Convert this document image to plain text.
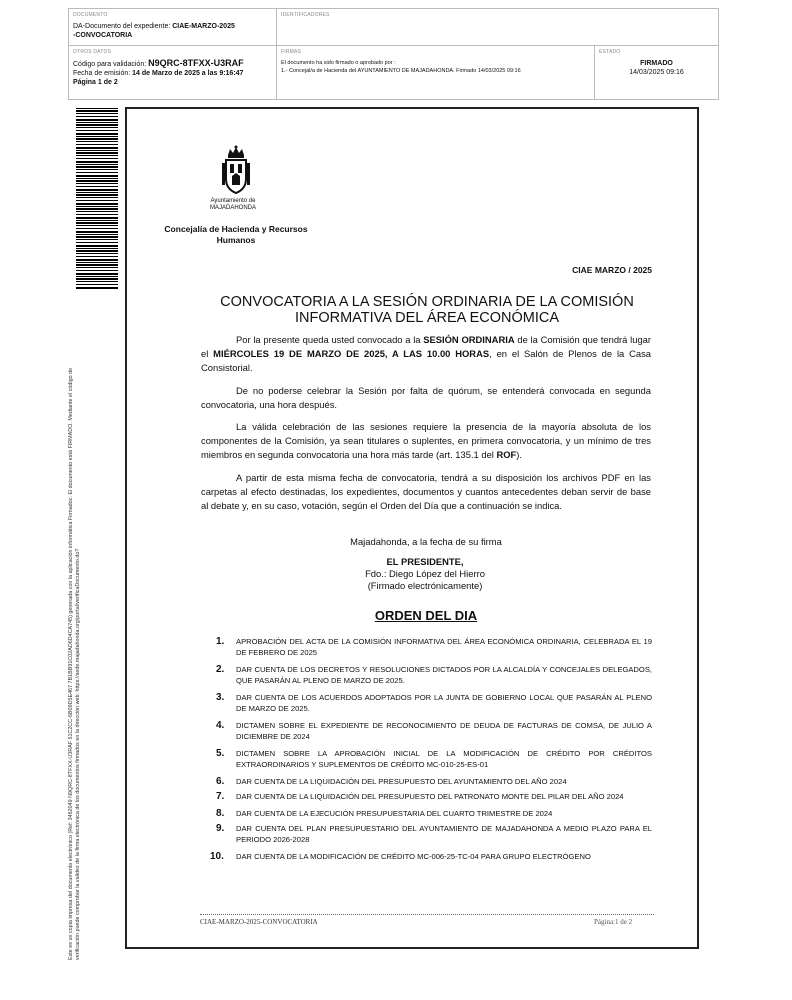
DOCUMENTO
DA-Documento del expediente: CIAE-MARZO-2025
-CONVOCATORIA
IDENTIFICADORES
OTROS DATOS
Código para validación: N9QRC-8TFXX-U3RAF
Fecha de emisión: 14 de Marzo de 2025 a las 9:16:47
Página 1 de 2
FIRMAS
El documento ha sido firmado o aprobado por :
1.- Concejal/a de Hacienda del AYUNTAMIENTO DE MAJADAHONDA. Firmado 14/03/2025 09:16
ESTADO
FIRMADO
14/03/2025 09:16
Este es un copia impresa del documento electrónico (Ref: 3462049 N9QRC-8TFXX-U3RAF 51C2CC-6B09D5E467 7B1BB91C02AD6D4CA745) generada con la aplicación informática Firmadoc. El documento está FIRMADO. Mediante el código de verificación puede comprobar la validez de la firma electrónica de los documentos firmados en la dirección web: https://sede.majadahonda.org/portal/verificaDocumento.do?
Ayuntamiento de
MAJADAHONDA
Concejalía de Hacienda y Recursos Humanos
CIAE MARZO / 2025
CONVOCATORIA A LA SESIÓN ORDINARIA DE LA COMISIÓN INFORMATIVA DEL ÁREA ECONÓMICA

Por la presente queda usted convocado a la SESIÓN ORDINARIA de la Comisión que tendrá lugar el MIÉRCOLES 19 DE MARZO DE 2025, A LAS 10.00 HORAS, en el Salón de Plenos de la Casa Consistorial.

De no poderse celebrar la Sesión por falta de quórum, se entenderá convocada en segunda convocatoria, una hora después.

La válida celebración de las sesiones requiere la presencia de la mayoría absoluta de los componentes de la Comisión, ya sean titulares o suplentes, en primera convocatoria, y un mínimo de tres miembros en segunda convocatoria una hora más tarde (art. 135.1 del ROF).

A partir de esta misma fecha de convocatoria, tendrá a su disposición los archivos PDF en las carpetas al efecto destinadas, los expedientes, documentos y cuantos antecedentes deban servir de base al debate y, en su caso, votación, según el Orden del Día que a continuación se indica.

Majadahonda, a la fecha de su firma
EL PRESIDENTE,
Fdo.: Diego López del Hierro
(Firmado electrónicamente)
ORDEN DEL DIA
1. APROBACIÓN DEL ACTA DE LA COMISIÓN INFORMATIVA DEL ÁREA ECONÓMICA ORDINARIA, CELEBRADA EL 19 DE FEBRERO DE 2025
2. DAR CUENTA DE LOS DECRETOS Y RESOLUCIONES DICTADOS POR LA ALCALDÍA Y CONCEJALES DELEGADOS, QUE PASARÁN AL PLENO DE MARZO DE 2025.
3. DAR CUENTA DE LOS ACUERDOS ADOPTADOS POR LA JUNTA DE GOBIERNO LOCAL QUE PASARÁN AL PLENO DE MARZO DE 2025.
4. DICTAMEN SOBRE EL EXPEDIENTE DE RECONOCIMIENTO DE DEUDA DE FACTURAS DE COMSA, DE JULIO A DICIEMBRE DE 2024
5. DICTAMEN SOBRE LA APROBACIÓN INICIAL DE LA MODIFICACIÓN DE CRÉDITO POR CRÉDITOS EXTRAORDINARIOS Y SUPLEMENTOS DE CRÉDITO MC-010-25-ES-01
6. DAR CUENTA DE LA LIQUIDACIÓN DEL PRESUPUESTO DEL AYUNTAMIENTO DEL AÑO 2024
7. DAR CUENTA DE LA LIQUIDACIÓN DEL PRESUPUESTO DEL PATRONATO MONTE DEL PILAR DEL AÑO 2024
8. DAR CUENTA DE LA EJECUCIÓN PRESUPUESTARIA DEL CUARTO TRIMESTRE DE 2024
9. DAR CUENTA DEL PLAN PRESUPUESTARIO DEL AYUNTAMIENTO DE MAJADAHONDA A MEDIO PLAZO PARA EL PERIODO 2026-2028
10. DAR CUENTA DE LA MODIFICACIÓN DE CRÉDITO MC-006-25-TC-04 PARA GRUPO ELECTRÓGENO
CIAE-MARZO-2025-CONVOCATORIA	Página:1 de 2
